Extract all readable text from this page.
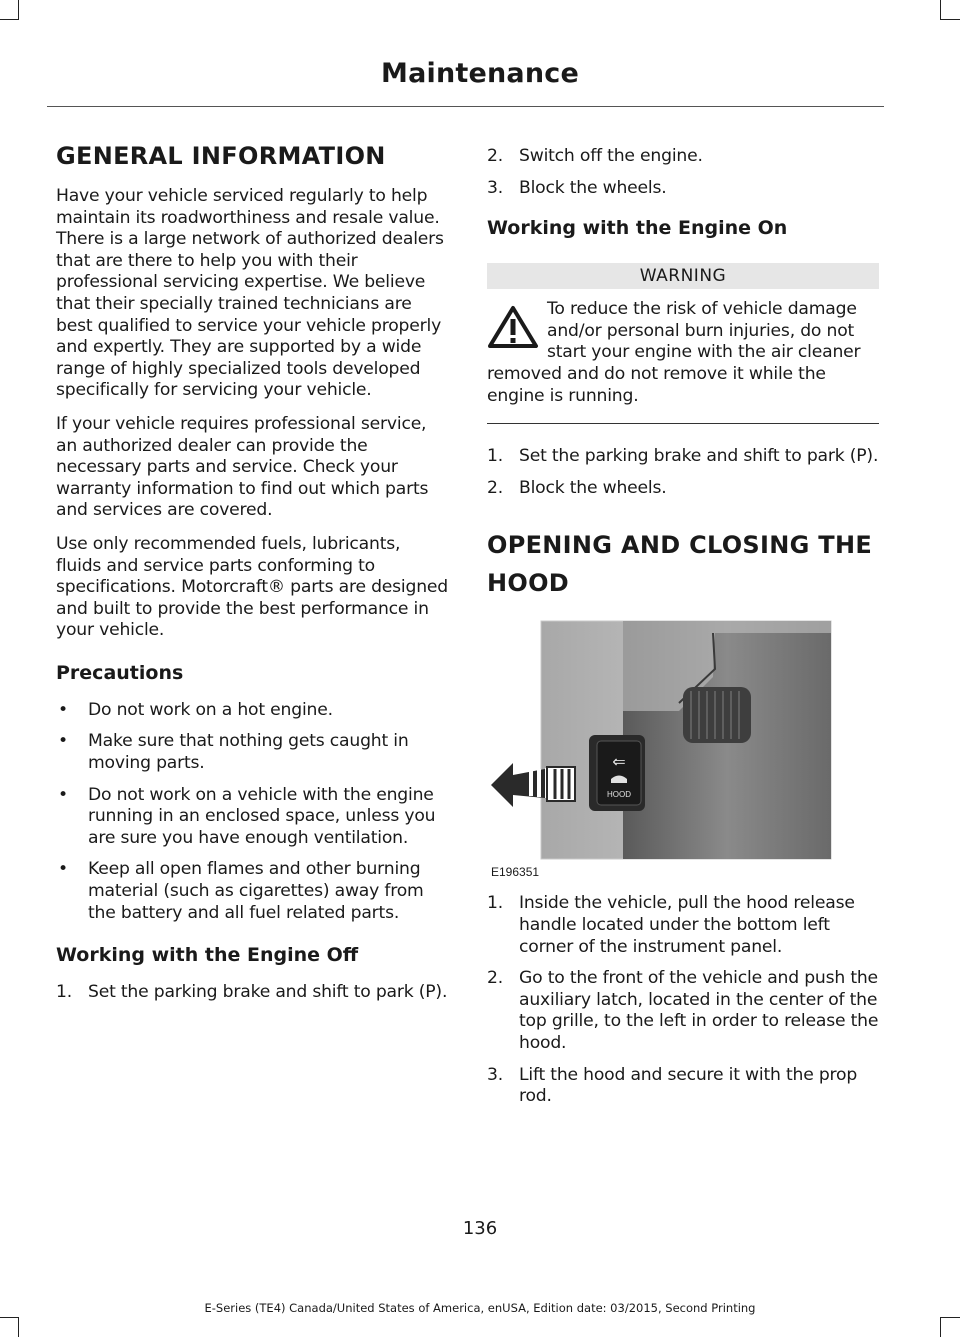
Maintenance
GENERAL INFORMATION

Have your vehicle serviced regularly to help maintain its roadworthiness and resale value. There is a large network of authorized dealers that are there to help you with their professional servicing expertise. We believe that their specially trained technicians are best qualified to service your vehicle properly and expertly. They are supported by a wide range of highly specialized tools developed specifically for servicing your vehicle.

If your vehicle requires professional service, an authorized dealer can provide the necessary parts and service. Check your warranty information to find out which parts and services are covered.

Use only recommended fuels, lubricants, fluids and service parts conforming to specifications. Motorcraft® parts are designed and built to provide the best performance in your vehicle.

Precautions
• Do not work on a hot engine.
• Make sure that nothing gets caught in moving parts.
• Do not work on a vehicle with the engine running in an enclosed space, unless you are sure you have enough ventilation.
• Keep all open flames and other burning material (such as cigarettes) away from the battery and all fuel related parts.
Working with the Engine Off
1. Set the parking brake and shift to park (P).
2. Switch off the engine.
3. Block the wheels.
Working with the Engine On
WARNING
To reduce the risk of vehicle damage and/or personal burn injuries, do not start your engine with the air cleaner removed and do not remove it while the engine is running.
1. Set the parking brake and shift to park (P).
2. Block the wheels.
OPENING AND CLOSING THE
HOOD
⇐
HOOD
E196351
1. Inside the vehicle, pull the hood release handle located under the bottom left corner of the instrument panel.
2. Go to the front of the vehicle and push the auxiliary latch, located in the center of the top grille, to the left in order to release the hood.
3. Lift the hood and secure it with the prop rod.
136
E-Series (TE4) Canada/United States of America, enUSA, Edition date: 03/2015, Second Printing
